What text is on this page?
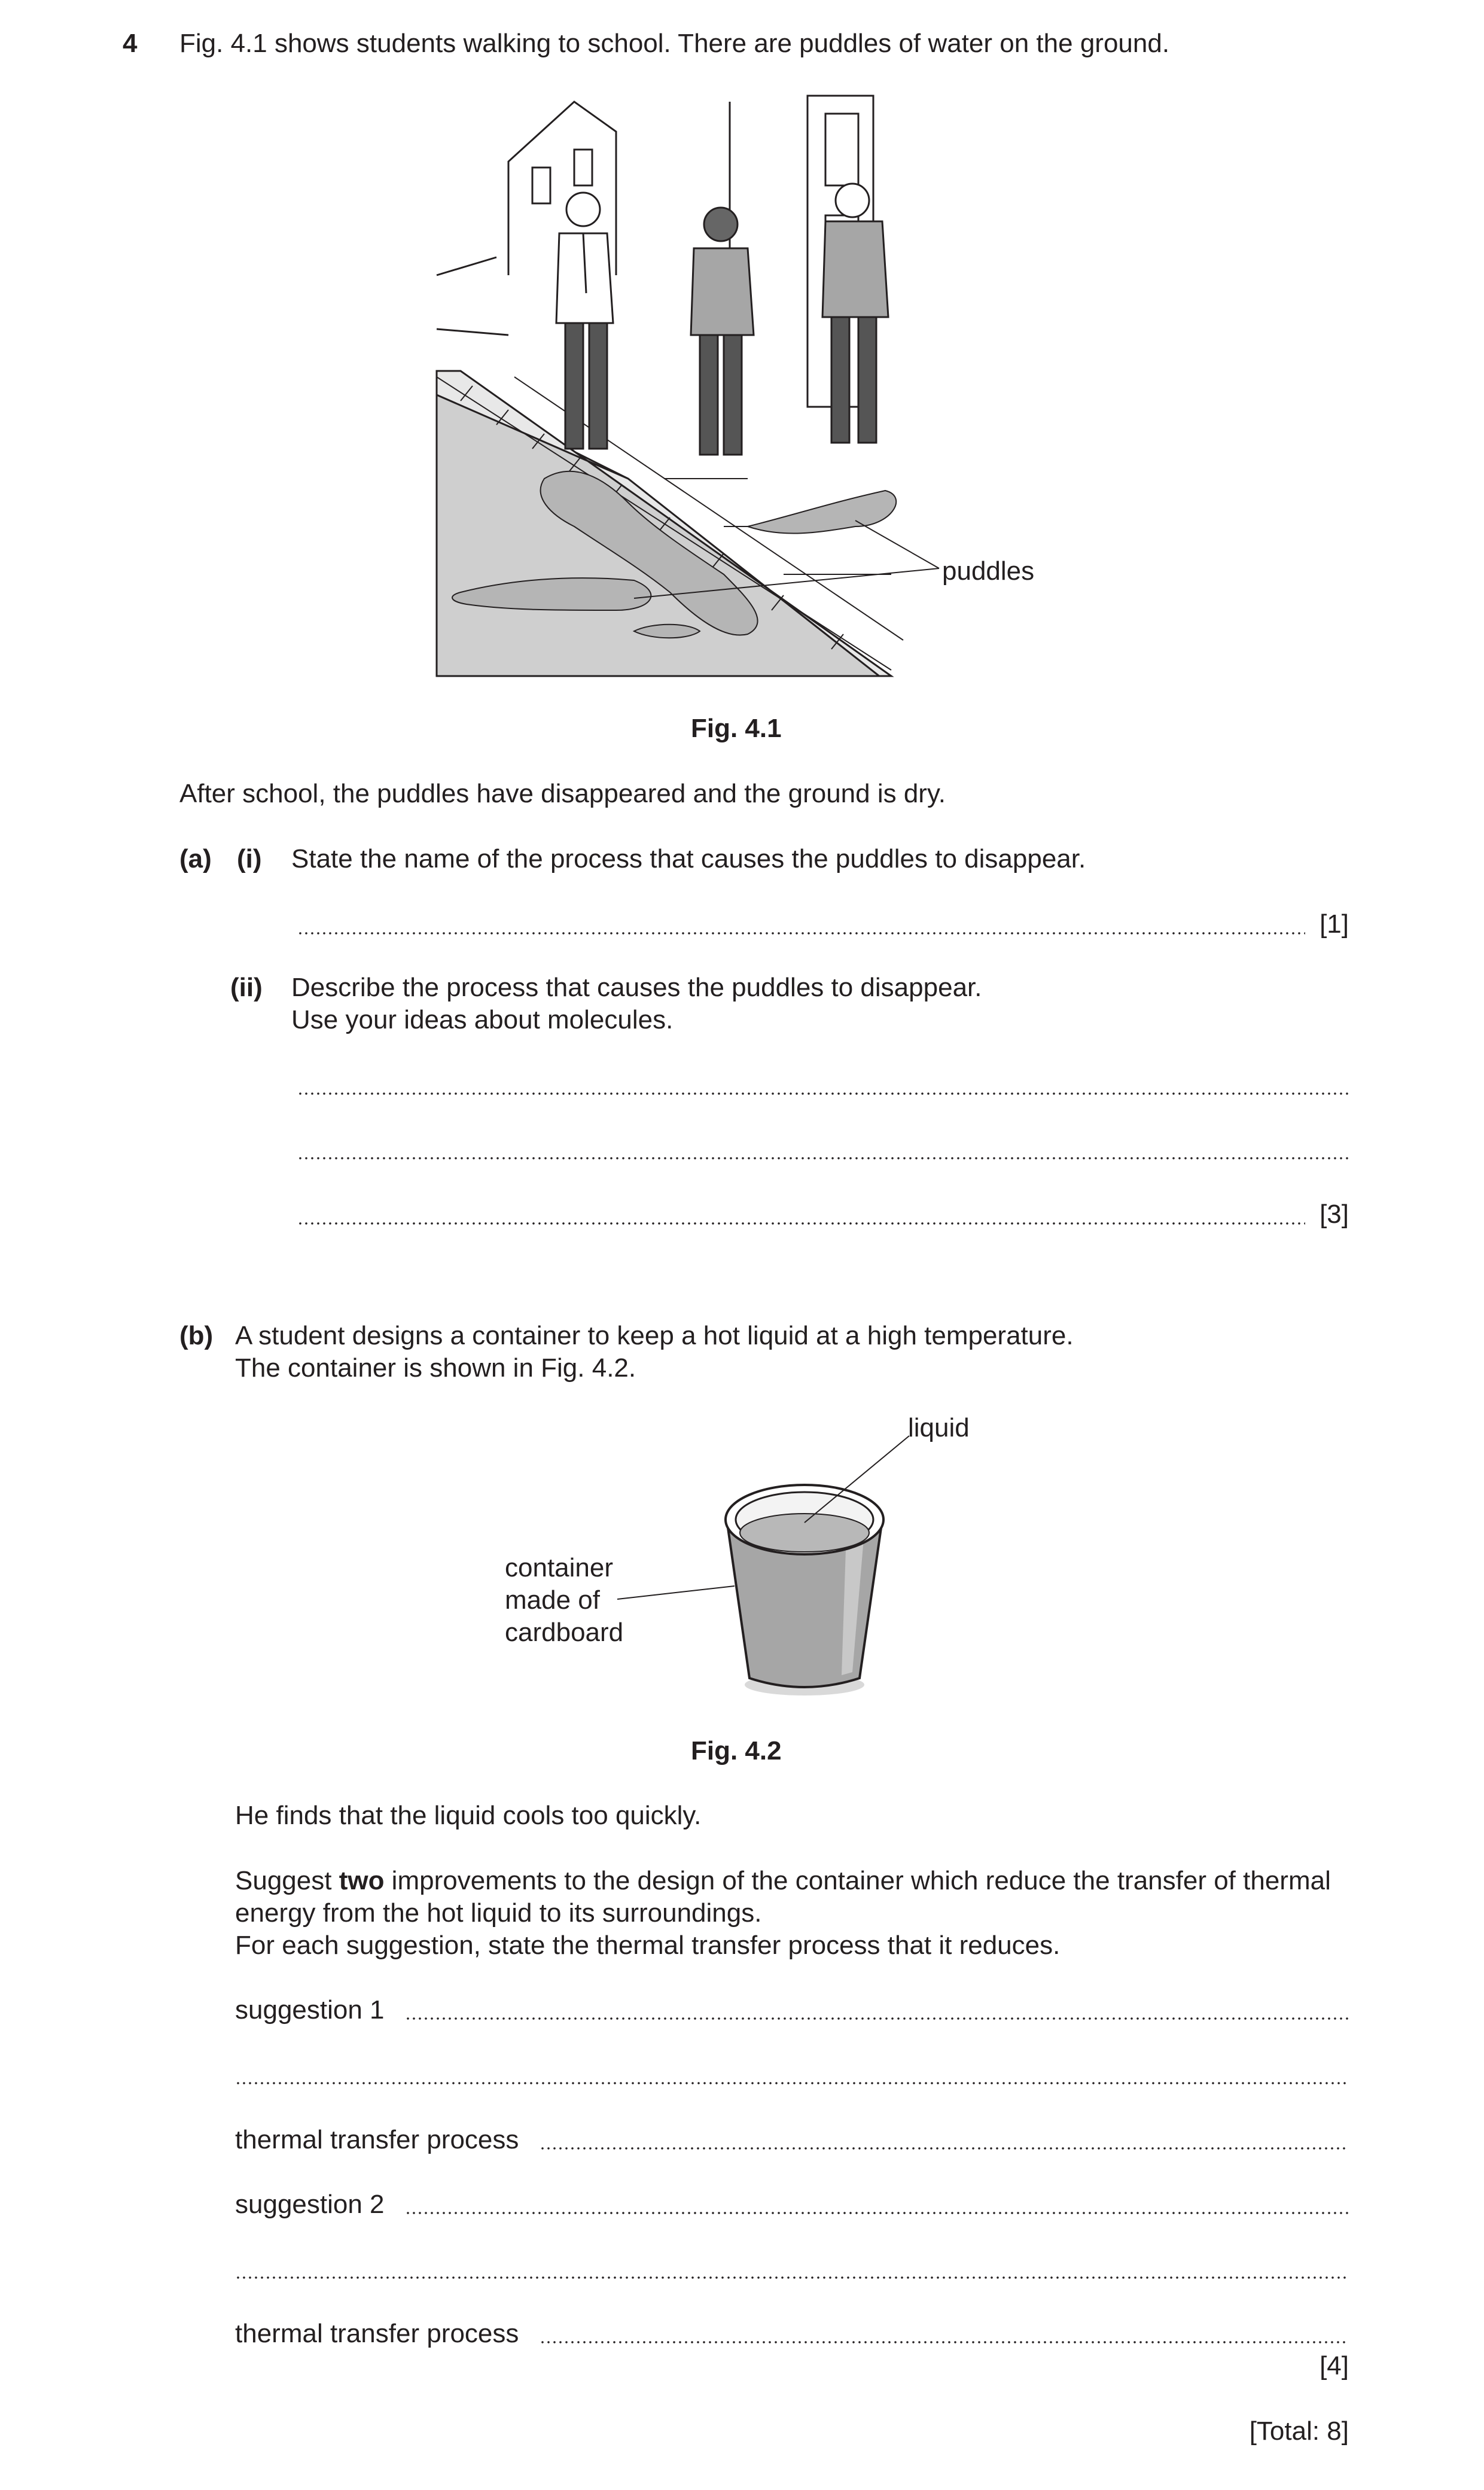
4 Fig. 4.1 shows students walking to school. There are puddles of water on the ground.
puddles
Fig. 4.1
After school, the puddles have disappeared and the ground is dry.
(a) (i) State the name of the process that causes the puddles to disappear.
[1]
(ii) Describe the process that causes the puddles to disappear.
Use your ideas about molecules.
[3]
(b) A student designs a container to keep a hot liquid at a high temperature.
The container is shown in Fig. 4.2.
liquid
container
made of
cardboard
Fig. 4.2
He finds that the liquid cools too quickly.
Suggest two improvements to the design of the container which reduce the transfer of thermal
energy from the hot liquid to its surroundings.
For each suggestion, state the thermal transfer process that it reduces.
suggestion 1
thermal transfer process
suggestion 2
thermal transfer process
[4]
[Total: 8]
